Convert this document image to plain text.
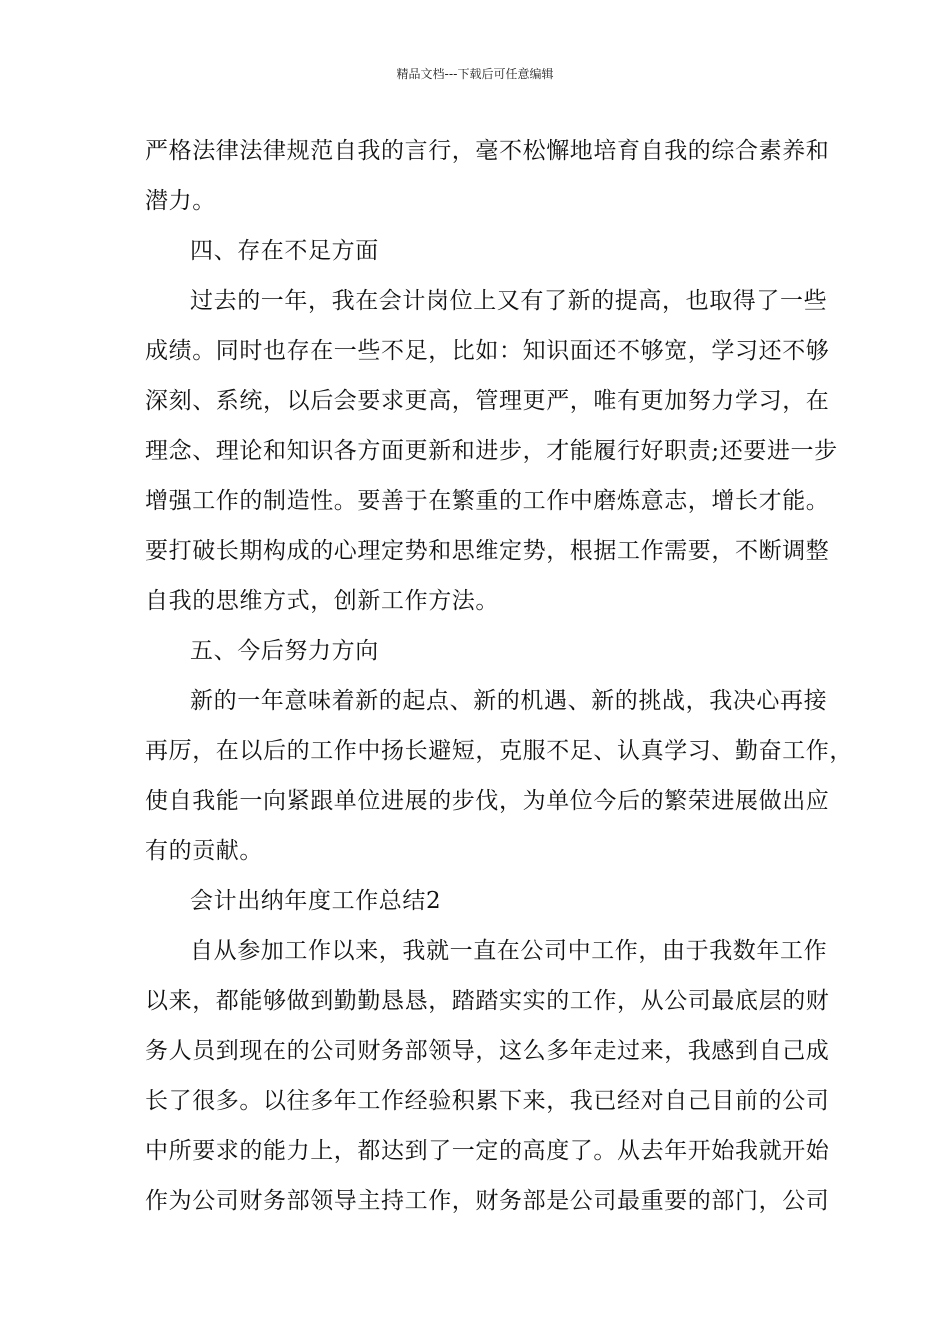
精品文档---下载后可任意编辑
严格法律法律规范自我的言行，毫不松懈地培育自我的综合素养和
潜力。
四、存在不足方面
过去的一年，我在会计岗位上又有了新的提高，也取得了一些
成绩。同时也存在一些不足，比如：知识面还不够宽，学习还不够
深刻、系统，以后会要求更高，管理更严，唯有更加努力学习，在
理念、理论和知识各方面更新和进步，才能履行好职责;还要进一步
增强工作的制造性。要善于在繁重的工作中磨炼意志，增长才能。
要打破长期构成的心理定势和思维定势，根据工作需要，不断调整
自我的思维方式，创新工作方法。
五、今后努力方向
新的一年意味着新的起点、新的机遇、新的挑战，我决心再接
再厉，在以后的工作中扬长避短，克服不足、认真学习、勤奋工作，
使自我能一向紧跟单位进展的步伐，为单位今后的繁荣进展做出应
有的贡献。
会计出纳年度工作总结2
自从参加工作以来，我就一直在公司中工作，由于我数年工作
以来，都能够做到勤勤恳恳，踏踏实实的工作，从公司最底层的财
务人员到现在的公司财务部领导，这么多年走过来，我感到自己成
长了很多。以往多年工作经验积累下来，我已经对自己目前的公司
中所要求的能力上，都达到了一定的高度了。从去年开始我就开始
作为公司财务部领导主持工作，财务部是公司最重要的部门，公司
